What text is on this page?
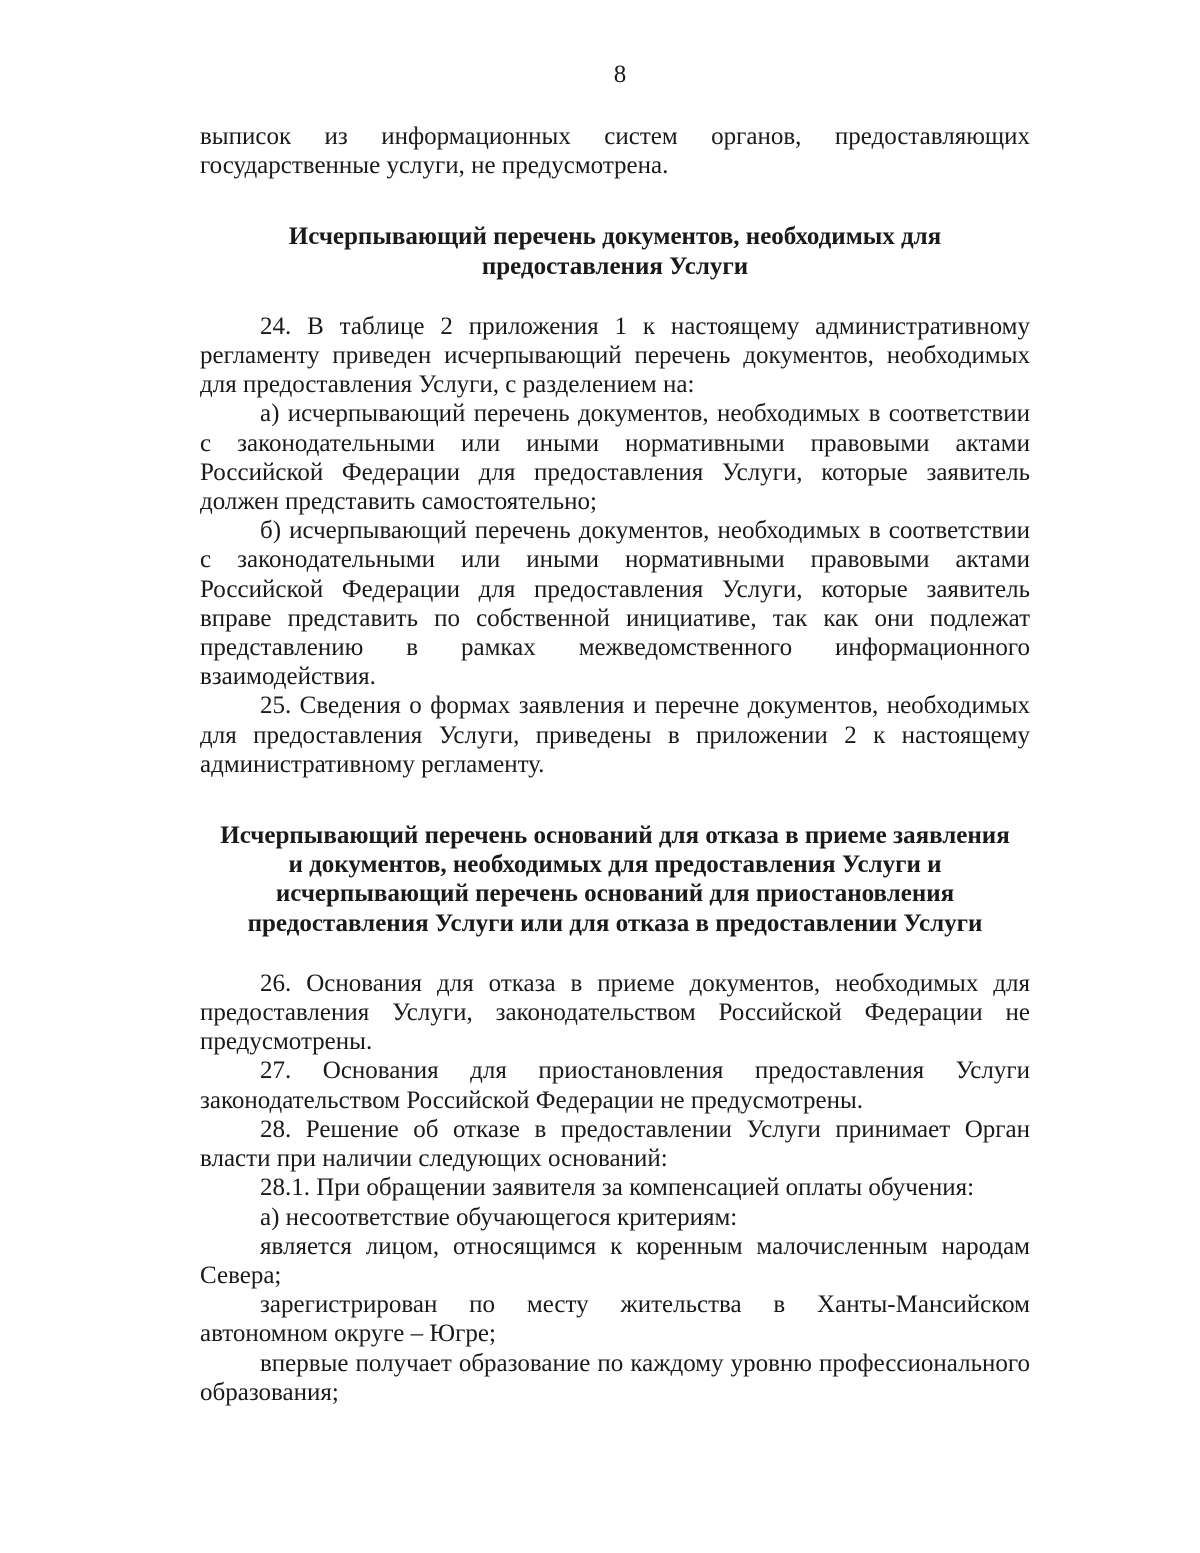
8

выписок из информационных систем органов, предоставляющих государственные услуги, не предусмотрена.

Исчерпывающий перечень документов, необходимых для предоставления Услуги

24. В таблице 2 приложения 1 к настоящему административному регламенту приведен исчерпывающий перечень документов, необходимых для предоставления Услуги, с разделением на:

а) исчерпывающий перечень документов, необходимых в соответствии с законодательными или иными нормативными правовыми актами Российской Федерации для предоставления Услуги, которые заявитель должен представить самостоятельно;

б) исчерпывающий перечень документов, необходимых в соответствии с законодательными или иными нормативными правовыми актами Российской Федерации для предоставления Услуги, которые заявитель вправе представить по собственной инициативе, так как они подлежат представлению в рамках межведомственного информационного взаимодействия.

25. Сведения о формах заявления и перечне документов, необходимых для предоставления Услуги, приведены в приложении 2 к настоящему административному регламенту.

Исчерпывающий перечень оснований для отказа в приеме заявления и документов, необходимых для предоставления Услуги и исчерпывающий перечень оснований для приостановления предоставления Услуги или для отказа в предоставлении Услуги

26. Основания для отказа в приеме документов, необходимых для предоставления Услуги, законодательством Российской Федерации не предусмотрены.

27. Основания для приостановления предоставления Услуги законодательством Российской Федерации не предусмотрены.

28. Решение об отказе в предоставлении Услуги принимает Орган власти при наличии следующих оснований:

28.1. При обращении заявителя за компенсацией оплаты обучения:

а) несоответствие обучающегося критериям:

является лицом, относящимся к коренным малочисленным народам Севера;

зарегистрирован по месту жительства в Ханты-Мансийском автономном округе – Югре;

впервые получает образование по каждому уровню профессионального образования;
